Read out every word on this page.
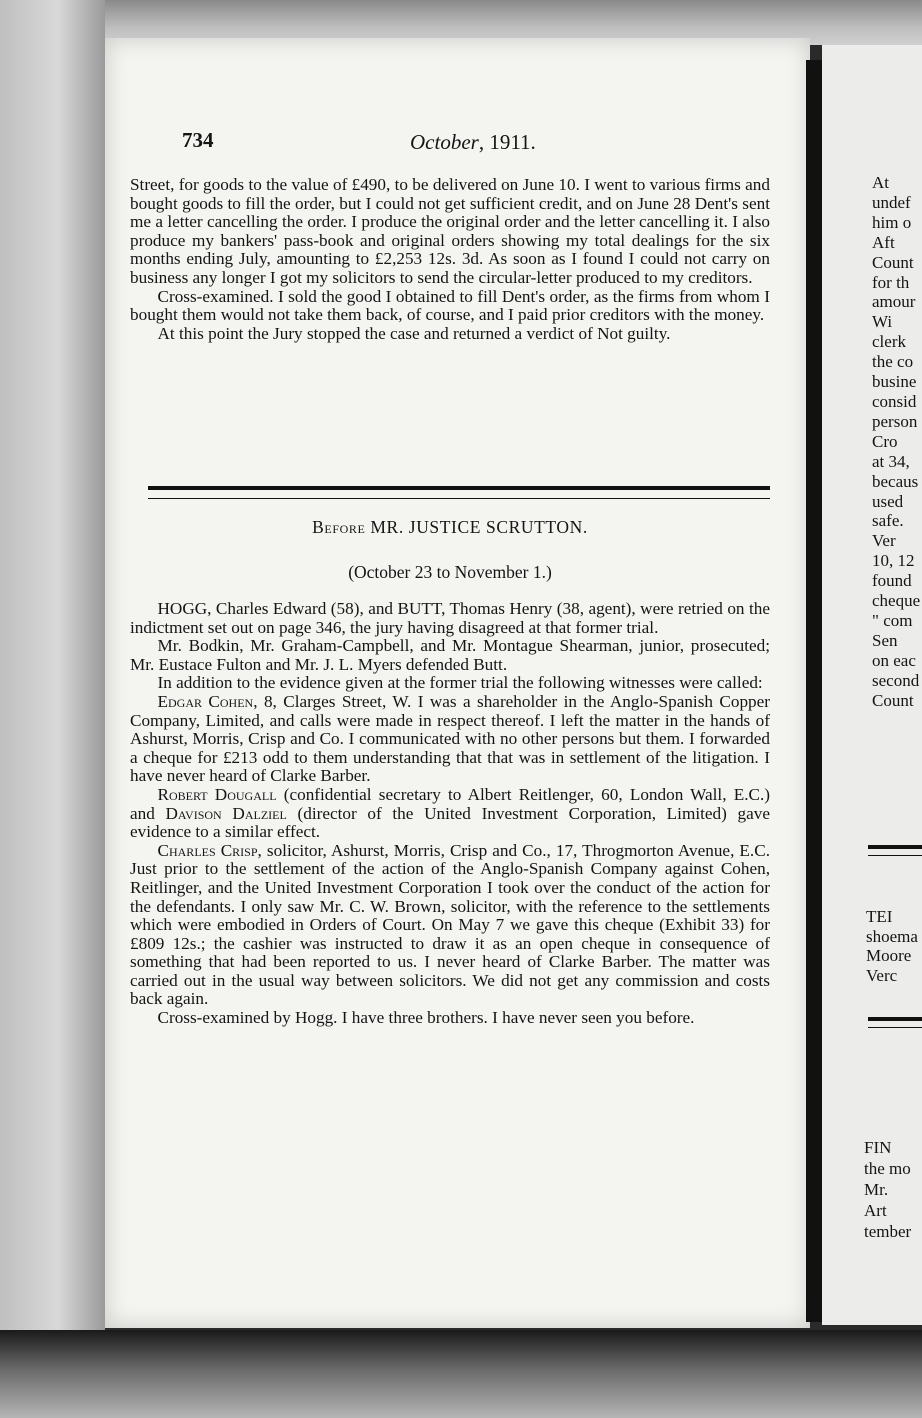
At
undef
him o
Aft
Count
for th
amour
Wi
clerk
the co
busine
consid
person
Cro
at 34,
becaus
used
safe.
Ver
10, 12
found
cheque
" com
Sen
on eac
second
Count
TEI
shoema
Moore
Verc
FIN
the mo
Mr.
Art
tember
734	October, 1911.

Street, for goods to the value of £490, to be delivered on June 10. I went to various firms and bought goods to fill the order, but I could not get sufficient credit, and on June 28 Dent's sent me a letter cancelling the order. I produce the original order and the letter cancelling it. I also produce my bankers' pass-book and original orders showing my total dealings for the six months ending July, amounting to £2,253 12s. 3d. As soon as I found I could not carry on business any longer I got my solicitors to send the circular-letter produced to my creditors.

Cross-examined. I sold the good I obtained to fill Dent's order, as the firms from whom I bought them would not take them back, of course, and I paid prior creditors with the money.

At this point the Jury stopped the case and returned a verdict of Not guilty.

Before MR. JUSTICE SCRUTTON.
(October 23 to November 1.)

HOGG, Charles Edward (58), and BUTT, Thomas Henry (38, agent), were retried on the indictment set out on page 346, the jury having disagreed at that former trial.

Mr. Bodkin, Mr. Graham-Campbell, and Mr. Montague Shearman, junior, prosecuted; Mr. Eustace Fulton and Mr. J. L. Myers defended Butt.

In addition to the evidence given at the former trial the following witnesses were called:

Edgar Cohen, 8, Clarges Street, W. I was a shareholder in the Anglo-Spanish Copper Company, Limited, and calls were made in respect thereof. I left the matter in the hands of Ashurst, Morris, Crisp and Co. I communicated with no other persons but them. I forwarded a cheque for £213 odd to them understanding that that was in settlement of the litigation. I have never heard of Clarke Barber.

Robert Dougall (confidential secretary to Albert Reitlenger, 60, London Wall, E.C.) and Davison Dalziel (director of the United Investment Corporation, Limited) gave evidence to a similar effect.

Charles Crisp, solicitor, Ashurst, Morris, Crisp and Co., 17, Throgmorton Avenue, E.C. Just prior to the settlement of the action of the Anglo-Spanish Company against Cohen, Reitlinger, and the United Investment Corporation I took over the conduct of the action for the defendants. I only saw Mr. C. W. Brown, solicitor, with the reference to the settlements which were embodied in Orders of Court. On May 7 we gave this cheque (Exhibit 33) for £809 12s.; the cashier was instructed to draw it as an open cheque in consequence of something that had been reported to us. I never heard of Clarke Barber. The matter was carried out in the usual way between solicitors. We did not get any commission and costs back again.

Cross-examined by Hogg. I have three brothers. I have never seen you before.
